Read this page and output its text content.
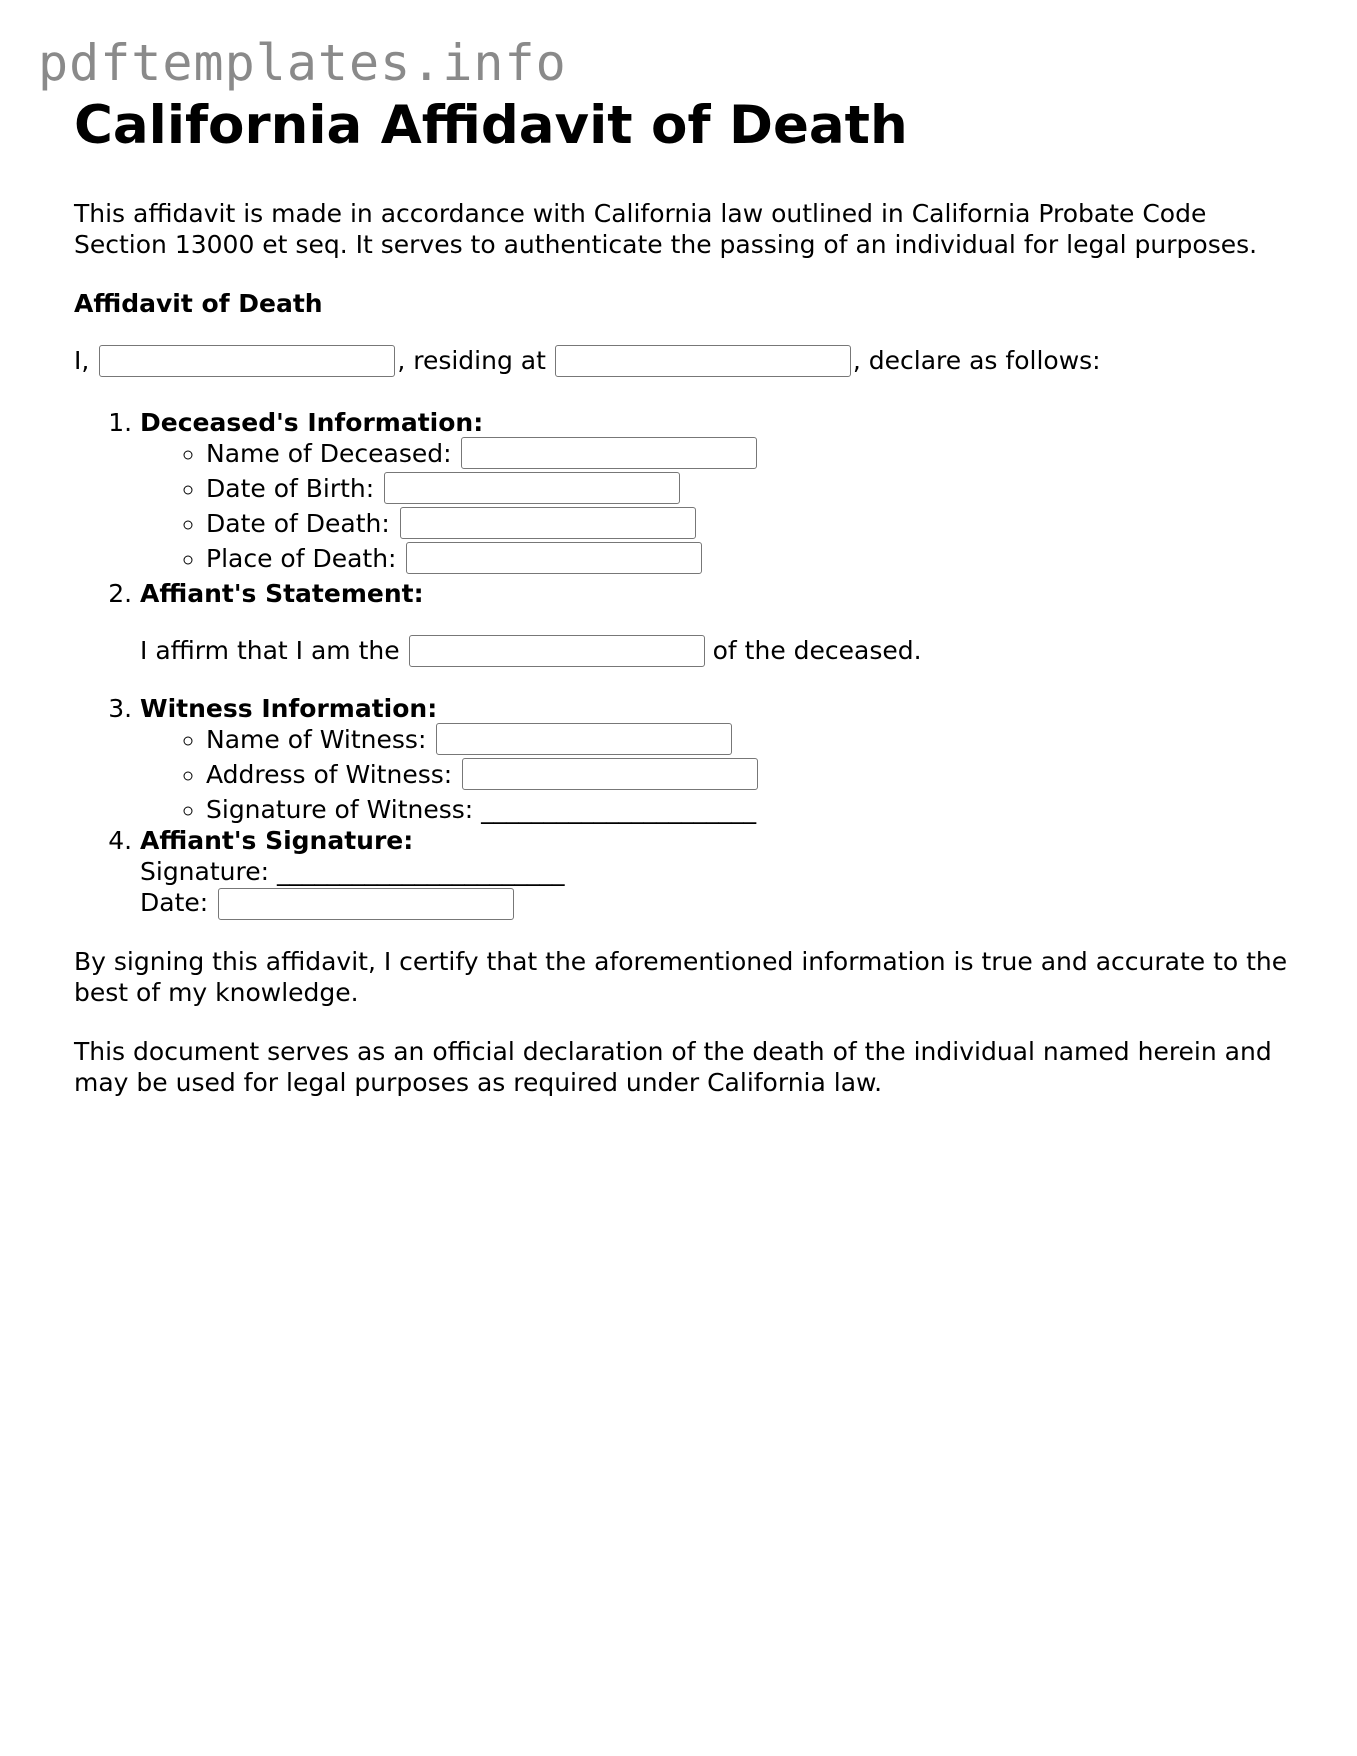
pdftemplates.info
California Affidavit of Death

This affidavit is made in accordance with California law outlined in California Probate Code Section 13000 et seq. It serves to authenticate the passing of an individual for legal purposes.

Affidavit of Death
I,	, residing at	, declare as follows:
1. Deceased's Information:
◦ Name of Deceased:
◦ Date of Birth:
◦ Date of Death:
◦ Place of Death:
2. Affiant's Statement:
I affirm that I am the	of the deceased.
3. Witness Information:
◦ Name of Witness:
◦ Address of Witness:
◦ Signature of Witness: ______________________
4. Affiant's Signature:
Signature: _______________________
Date:

By signing this affidavit, I certify that the aforementioned information is true and accurate to the best of my knowledge.

This document serves as an official declaration of the death of the individual named herein and may be used for legal purposes as required under California law.
